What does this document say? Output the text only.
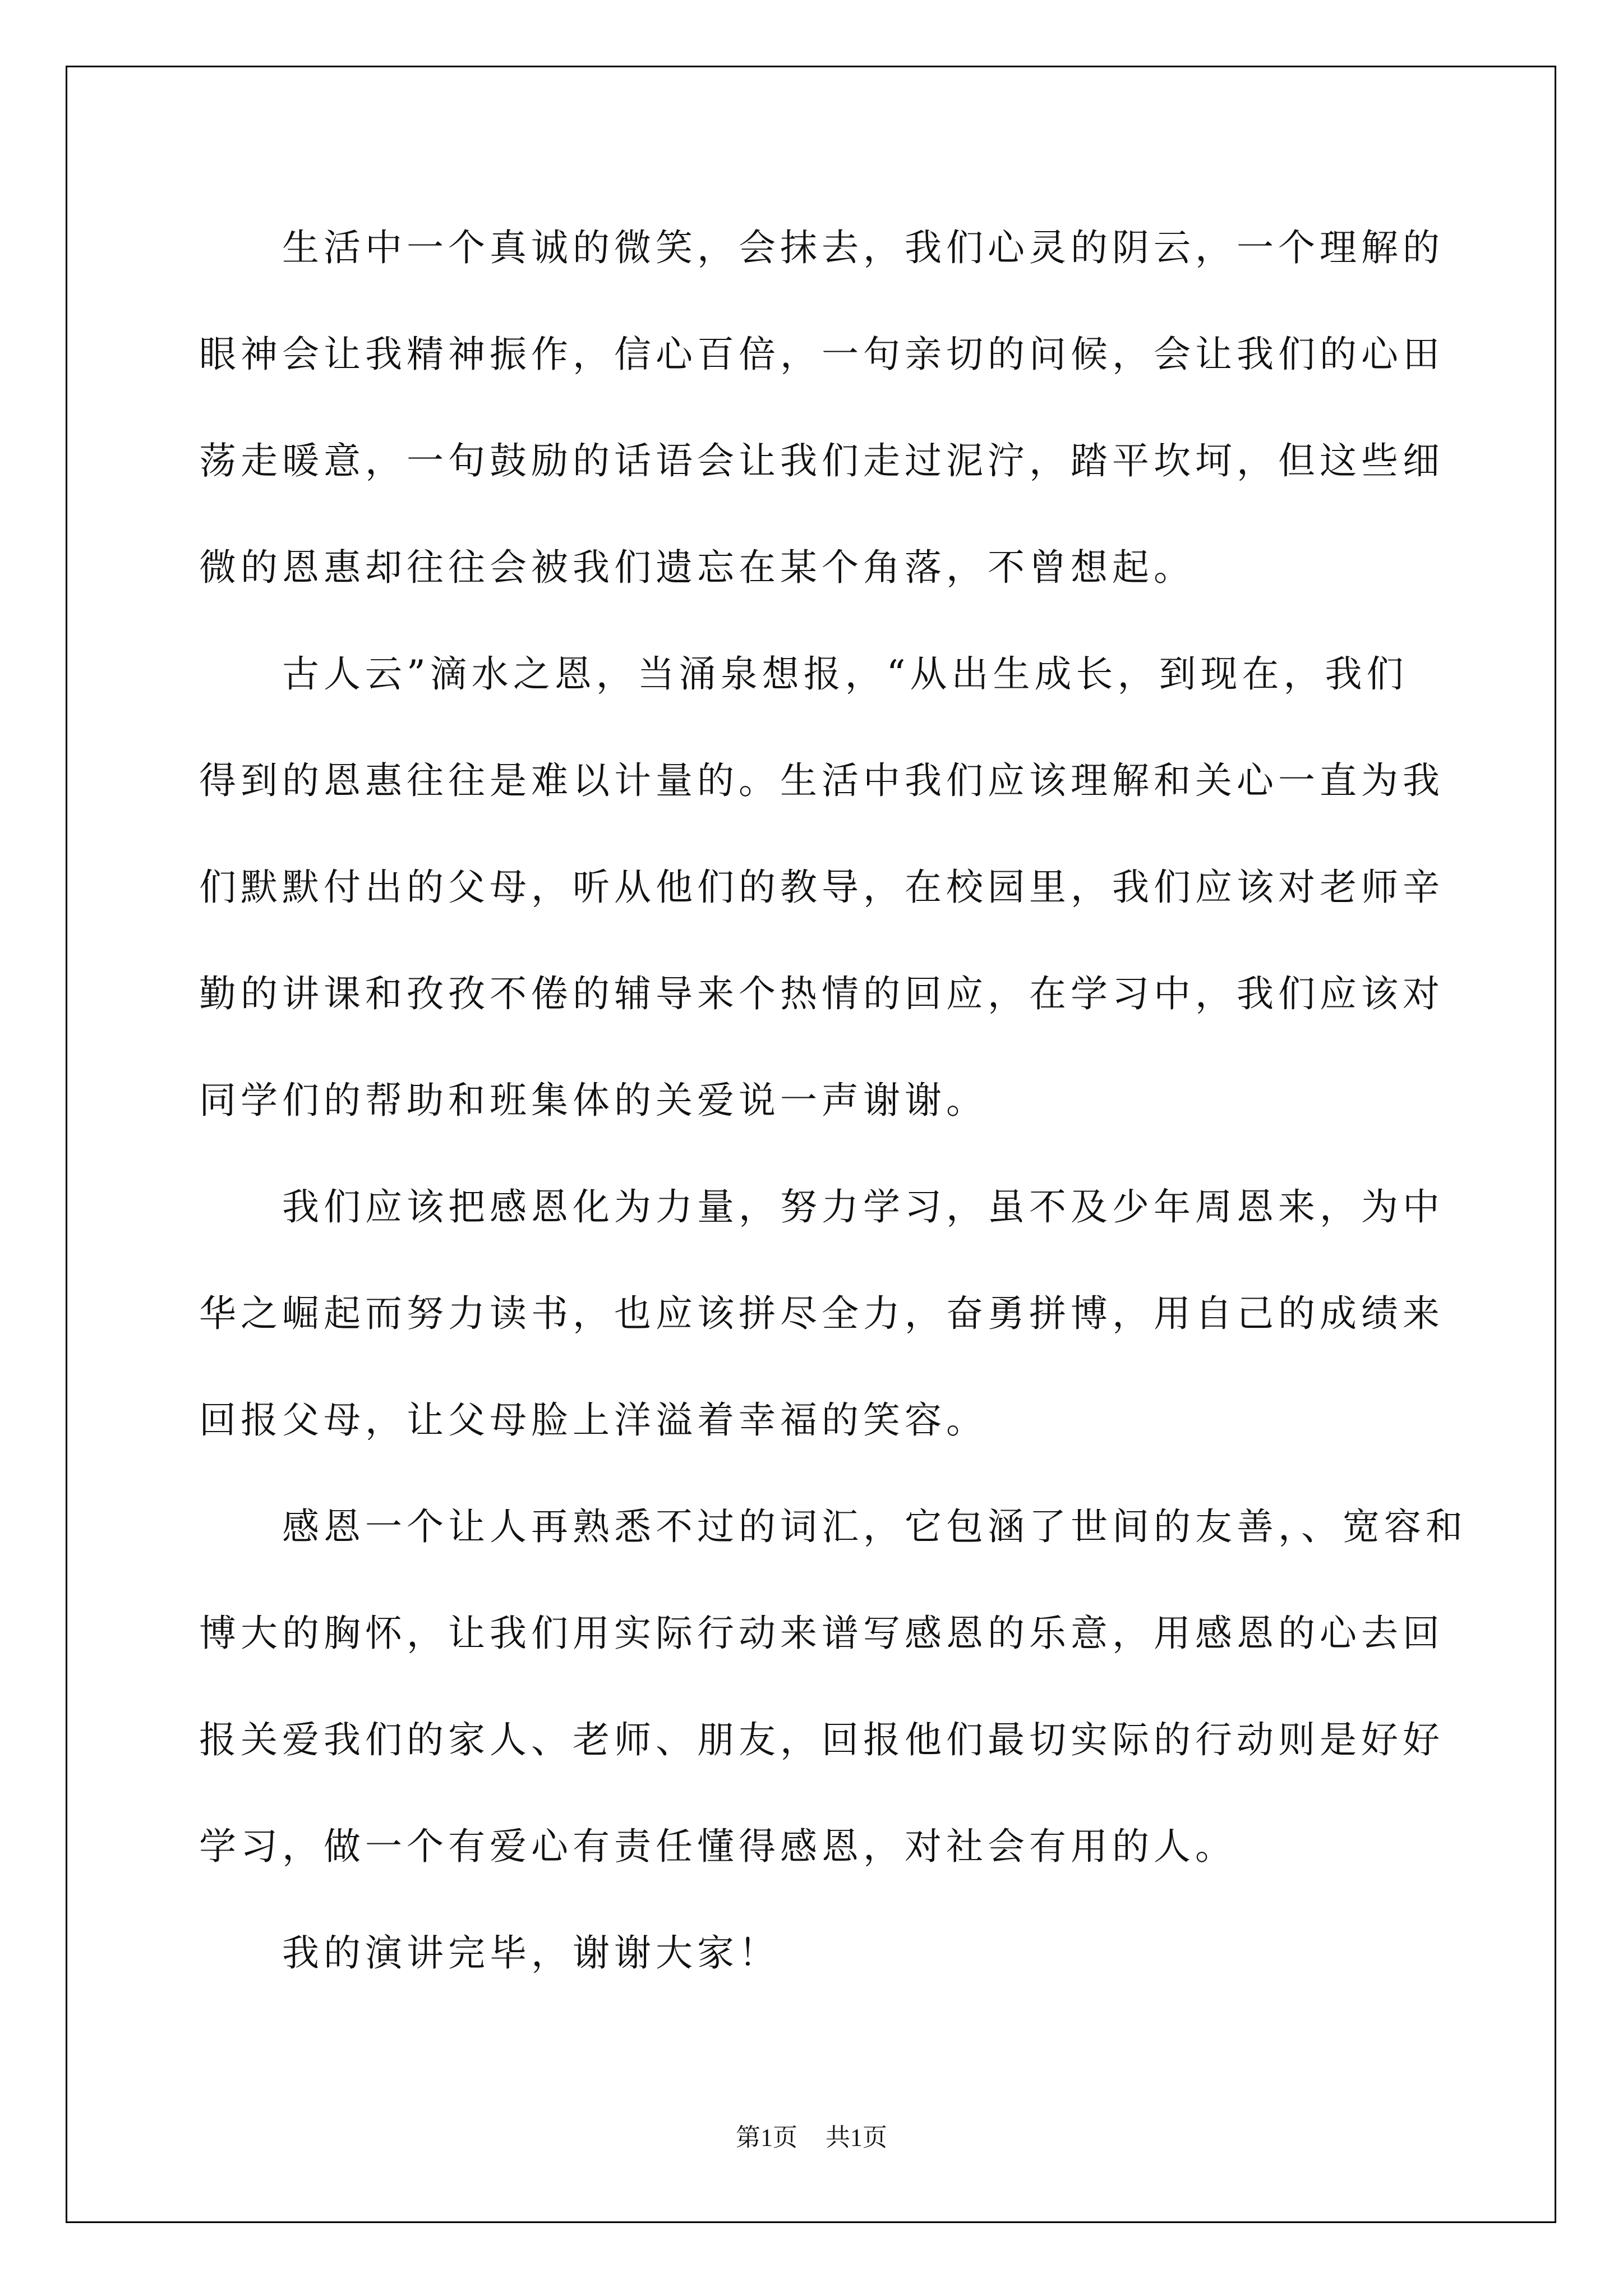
　　生活中一个真诚的微笑，会抹去，我们心灵的阴云，一个理解的
眼神会让我精神振作，信心百倍，一句亲切的问候，会让我们的心田
荡走暖意，一句鼓励的话语会让我们走过泥泞，踏平坎坷，但这些细
微的恩惠却往往会被我们遗忘在某个角落，不曾想起。
　　古人云”滴水之恩，当涌泉想报，“从出生成长，到现在，我们
得到的恩惠往往是难以计量的。生活中我们应该理解和关心一直为我
们默默付出的父母，听从他们的教导，在校园里，我们应该对老师辛
勤的讲课和孜孜不倦的辅导来个热情的回应，在学习中，我们应该对
同学们的帮助和班集体的关爱说一声谢谢。
　　我们应该把感恩化为力量，努力学习，虽不及少年周恩来，为中
华之崛起而努力读书，也应该拼尽全力，奋勇拼博，用自己的成绩来
回报父母，让父母脸上洋溢着幸福的笑容。
　　感恩一个让人再熟悉不过的词汇，它包涵了世间的友善，、宽容和
博大的胸怀，让我们用实际行动来谱写感恩的乐意，用感恩的心去回
报关爱我们的家人、老师、朋友，回报他们最切实际的行动则是好好
学习，做一个有爱心有责任懂得感恩，对社会有用的人。
　　我的演讲完毕，谢谢大家！
第1页 共1页
